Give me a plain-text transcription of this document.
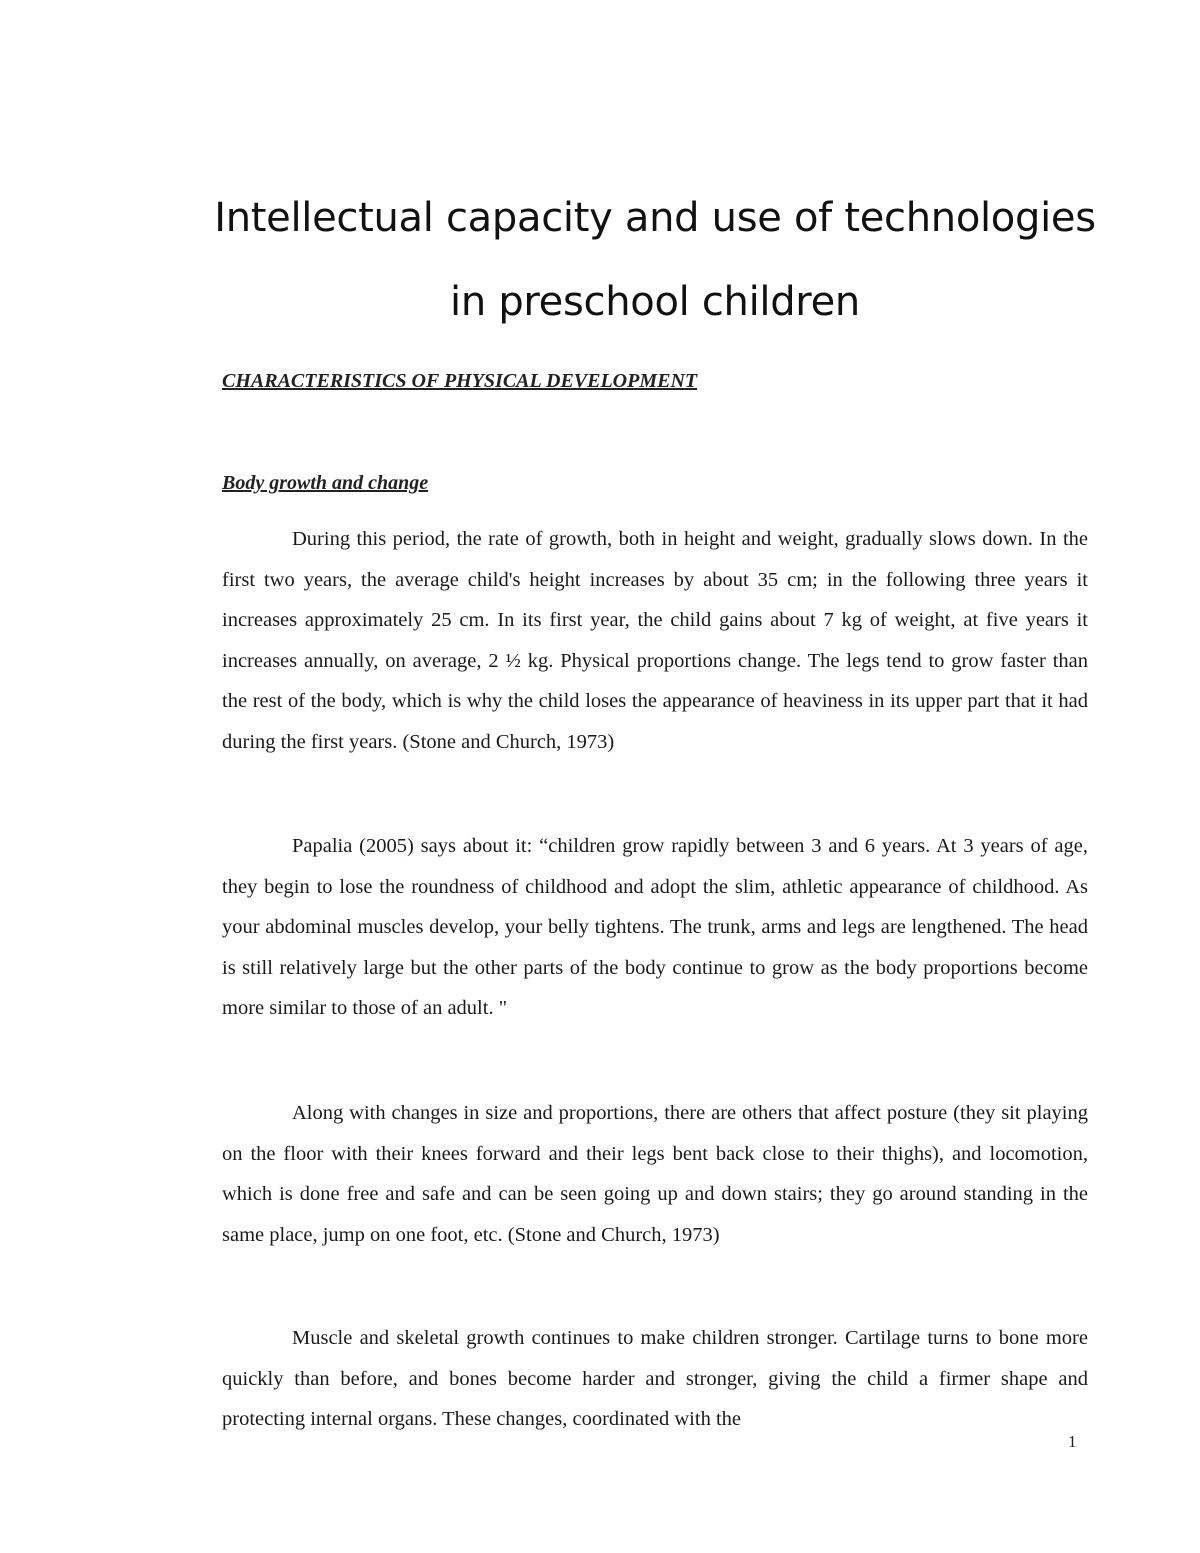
Intellectual capacity and use of technologies
in preschool children
CHARACTERISTICS OF PHYSICAL DEVELOPMENT
Body growth and change

During this period, the rate of growth, both in height and weight, gradually slows down. In the first two years, the average child's height increases by about 35 cm; in the following three years it increases approximately 25 cm. In its first year, the child gains about 7 kg of weight, at five years it increases annually, on average, 2 ½ kg. Physical proportions change. The legs tend to grow faster than the rest of the body, which is why the child loses the appearance of heaviness in its upper part that it had during the first years. (Stone and Church, 1973)

Papalia (2005) says about it: “children grow rapidly between 3 and 6 years. At 3 years of age, they begin to lose the roundness of childhood and adopt the slim, athletic appearance of childhood. As your abdominal muscles develop, your belly tightens. The trunk, arms and legs are lengthened. The head is still relatively large but the other parts of the body continue to grow as the body proportions become more similar to those of an adult. "

Along with changes in size and proportions, there are others that affect posture (they sit playing on the floor with their knees forward and their legs bent back close to their thighs), and locomotion, which is done free and safe and can be seen going up and down stairs; they go around standing in the same place, jump on one foot, etc. (Stone and Church, 1973)

Muscle and skeletal growth continues to make children stronger. Cartilage turns to bone more quickly than before, and bones become harder and stronger, giving the child a firmer shape and protecting internal organs. These changes, coordinated with the

1
